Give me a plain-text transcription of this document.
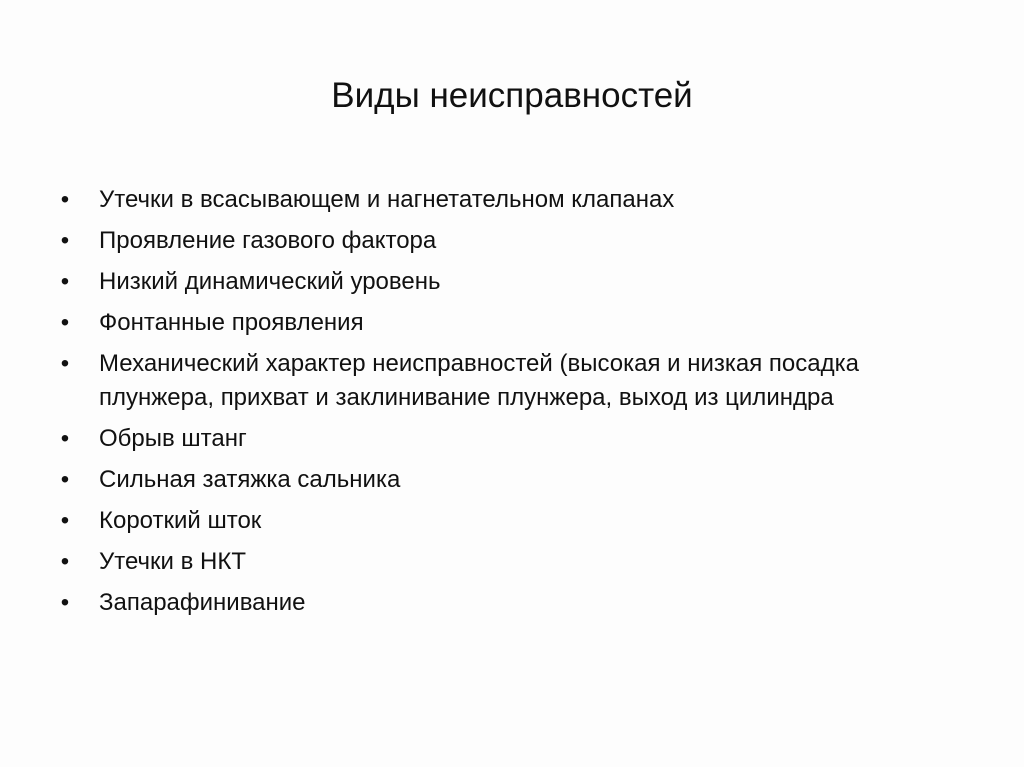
Виды неисправностей
• Утечки в всасывающем и нагнетательном клапанах
• Проявление газового фактора
• Низкий динамический уровень
• Фонтанные проявления
• Механический характер неисправностей (высокая и низкая посадка плунжера, прихват и заклинивание плунжера, выход из цилиндра
• Обрыв штанг
• Сильная затяжка сальника
• Короткий шток
• Утечки в НКТ
• Запарафинивание
